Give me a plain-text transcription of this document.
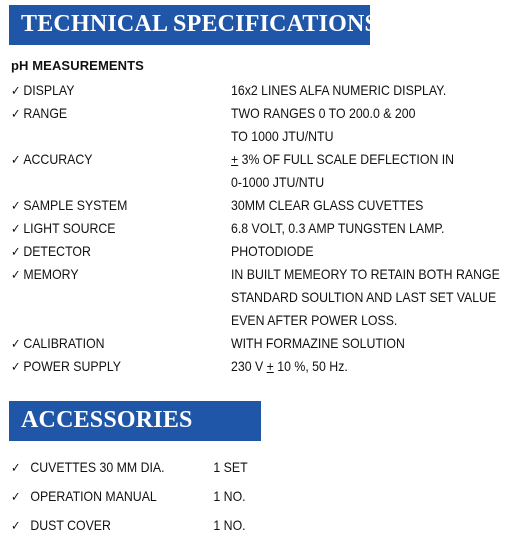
TECHNICAL SPECIFICATIONS
pH MEASUREMENTS
✓ DISPLAY	16x2 LINES ALFA NUMERIC DISPLAY.
✓ RANGE	TWO RANGES 0 TO 200.0 & 200
TO 1000 JTU/NTU
✓ ACCURACY	+ 3% OF FULL SCALE DEFLECTION IN
0-1000 JTU/NTU
✓ SAMPLE SYSTEM	30MM CLEAR GLASS CUVETTES
✓ LIGHT SOURCE	6.8 VOLT, 0.3 AMP TUNGSTEN LAMP.
✓ DETECTOR	PHOTODIODE
✓ MEMORY	IN BUILT MEMEORY TO RETAIN BOTH RANGE
STANDARD SOULTION AND LAST SET VALUE
EVEN AFTER POWER LOSS.
✓ CALIBRATION	WITH FORMAZINE SOLUTION
✓ POWER SUPPLY	230 V + 10 %, 50 Hz.
ACCESSORIES
✓ CUVETTES 30 MM DIA.	1 SET
✓ OPERATION MANUAL	1 NO.
✓ DUST COVER	1 NO.
